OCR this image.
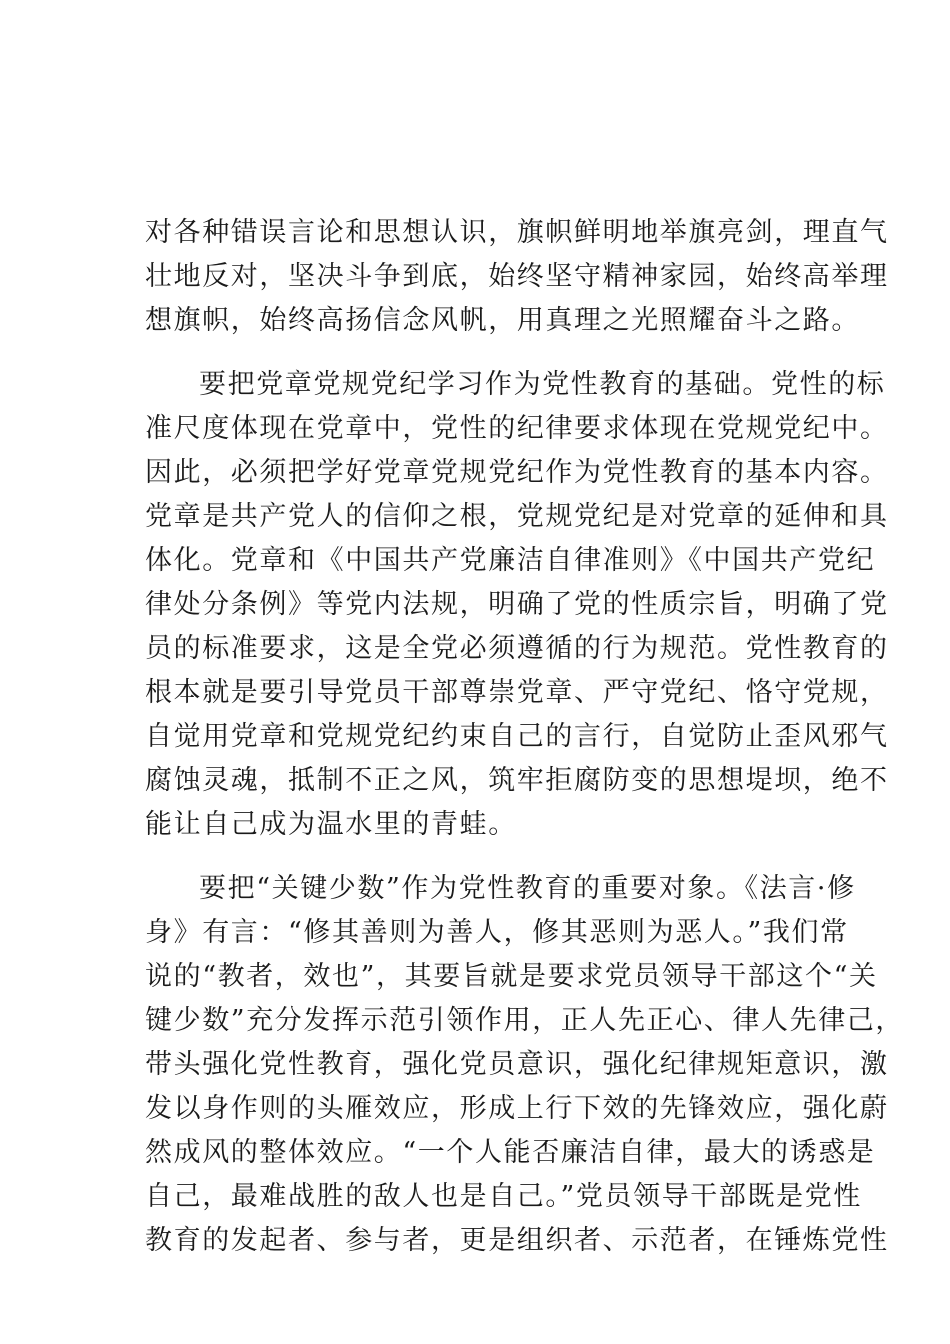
对各种错误言论和思想认识，旗帜鲜明地举旗亮剑，理直气
壮地反对，坚决斗争到底，始终坚守精神家园，始终高举理
想旗帜，始终高扬信念风帆，用真理之光照耀奋斗之路。
要把党章党规党纪学习作为党性教育的基础。党性的标
准尺度体现在党章中，党性的纪律要求体现在党规党纪中。
因此，必须把学好党章党规党纪作为党性教育的基本内容。
党章是共产党人的信仰之根，党规党纪是对党章的延伸和具
体化。党章和《中国共产党廉洁自律准则》《中国共产党纪
律处分条例》等党内法规，明确了党的性质宗旨，明确了党
员的标准要求，这是全党必须遵循的行为规范。党性教育的
根本就是要引导党员干部尊崇党章、严守党纪、恪守党规，
自觉用党章和党规党纪约束自己的言行，自觉防止歪风邪气
腐蚀灵魂，抵制不正之风，筑牢拒腐防变的思想堤坝，绝不
能让自己成为温水里的青蛙。
要把“关键少数”作为党性教育的重要对象。《法言·修
身》有言：“修其善则为善人，修其恶则为恶人。”我们常
说的“教者，效也”，其要旨就是要求党员领导干部这个“关
键少数”充分发挥示范引领作用，正人先正心、律人先律己，
带头强化党性教育，强化党员意识，强化纪律规矩意识，激
发以身作则的头雁效应，形成上行下效的先锋效应，强化蔚
然成风的整体效应。“一个人能否廉洁自律，最大的诱惑是
自己，最难战胜的敌人也是自己。”党员领导干部既是党性
教育的发起者、参与者，更是组织者、示范者，在锤炼党性
